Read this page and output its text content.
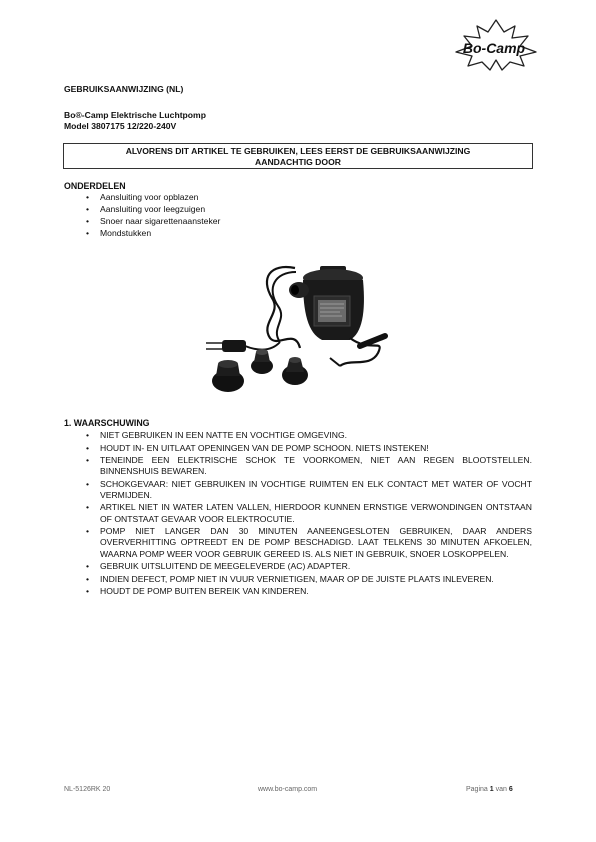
Bo-Camp
GEBRUIKSAANWIJZING (NL)
Bo®-Camp Elektrische Luchtpomp
Model 3807175 12/220-240V
ALVORENS DIT ARTIKEL TE GEBRUIKEN, LEES EERST DE GEBRUIKSAANWIJZING
AANDACHTIG DOOR
ONDERDELEN
• Aansluiting voor opblazen
• Aansluiting voor leegzuigen
• Snoer naar sigarettenaansteker
• Mondstukken
1. WAARSCHUWING
• NIET GEBRUIKEN IN EEN NATTE EN VOCHTIGE OMGEVING.
• HOUDT IN- EN UITLAAT OPENINGEN VAN DE POMP SCHOON. NIETS INSTEKEN!
• TENEINDE EEN ELEKTRISCHE SCHOK TE VOORKOMEN, NIET AAN REGEN BLOOTSTELLEN. BINNENSHUIS BEWAREN.
• SCHOKGEVAAR: NIET GEBRUIKEN IN VOCHTIGE RUIMTEN EN ELK CONTACT MET WATER OF VOCHT VERMIJDEN.
• ARTIKEL NIET IN WATER LATEN VALLEN, HIERDOOR KUNNEN ERNSTIGE VERWONDINGEN ONTSTAAN OF ONTSTAAT GEVAAR VOOR ELEKTROCUTIE.
• POMP NIET LANGER DAN 30 MINUTEN AANEENGESLOTEN GEBRUIKEN, DAAR ANDERS OVERVERHITTING OPTREEDT EN DE POMP BESCHADIGD. LAAT TELKENS 30 MINUTEN AFKOELEN, WAARNA POMP WEER VOOR GEBRUIK GEREED IS. ALS NIET IN GEBRUIK, SNOER LOSKOPPELEN.
• GEBRUIK UITSLUITEND DE MEEGELEVERDE (AC) ADAPTER.
• INDIEN DEFECT, POMP NIET IN VUUR VERNIETIGEN, MAAR OP DE JUISTE PLAATS INLEVEREN.
• HOUDT DE POMP BUITEN BEREIK VAN KINDEREN.
NL-5126RK 20	www.bo-camp.com	Pagina 1 van 6
